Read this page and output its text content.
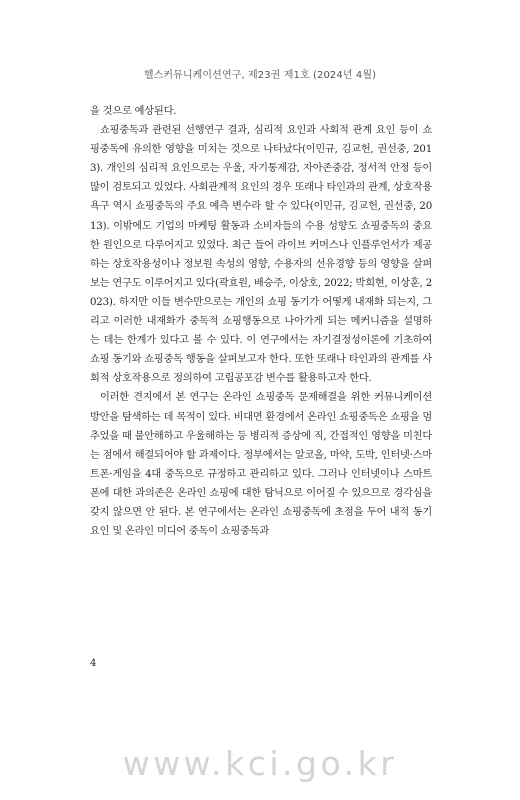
헬스커뮤니케이션연구, 제23권 제1호 (2024년 4월)

을 것으로 예상된다.

쇼핑중독과 관련된 선행연구 결과, 심리적 요인과 사회적 관계 요인 등이 쇼핑중독에 유의한 영향을 미치는 것으로 나타났다(이민규, 김교헌, 권선중, 2013). 개인의 심리적 요인으로는 우울, 자기통제감, 자아존중감, 정서적 안정 등이 많이 검토되고 있었다. 사회관계적 요인의 경우 또래나 타인과의 관계, 상호작용욕구 역시 쇼핑중독의 주요 예측 변수라 할 수 있다(이민규, 김교헌, 권선중, 2013). 이밖에도 기업의 마케팅 활동과 소비자들의 수용 성향도 쇼핑중독의 중요한 원인으로 다루어지고 있었다. 최근 들어 라이브 커머스나 인플루언서가 제공하는 상호작용성이나 정보원 속성의 영향, 수용자의 선유경향 등의 영향을 살펴보는 연구도 이루어지고 있다(곽효원, 배승주, 이상호, 2022; 박희현, 이상훈, 2023). 하지만 이들 변수만으로는 개인의 쇼핑 동기가 어떻게 내재화 되는지, 그리고 이러한 내재화가 중독적 쇼핑행동으로 나아가게 되는 메커니즘을 설명하는 데는 한계가 있다고 볼 수 있다. 이 연구에서는 자기결정성이론에 기초하여 쇼핑 동기와 쇼핑중독 행동을 살펴보고자 한다. 또한 또래나 타인과의 관계를 사회적 상호작용으로 정의하여 고립공포감 변수를 활용하고자 한다.

이러한 견지에서 본 연구는 온라인 쇼핑중독 문제해결을 위한 커뮤니케이션 방안을 탐색하는 데 목적이 있다. 비대면 환경에서 온라인 쇼핑중독은 쇼핑을 멈추었을 때 불안해하고 우울해하는 등 병리적 증상에 직, 간접적인 영향을 미친다는 점에서 해결되어야 할 과제이다. 정부에서는 알코올, 마약, 도박, 인터넷·스마트폰·게임을 4대 중독으로 규정하고 관리하고 있다. 그러나 인터넷이나 스마트폰에 대한 과의존은 온라인 쇼핑에 대한 탐닉으로 이어질 수 있으므로 경각심을 갖지 않으면 안 된다. 본 연구에서는 온라인 쇼핑중독에 초점을 두어 내적 동기 요인 및 온라인 미디어 중독이 쇼핑중독과

4
www.kci.go.kr
